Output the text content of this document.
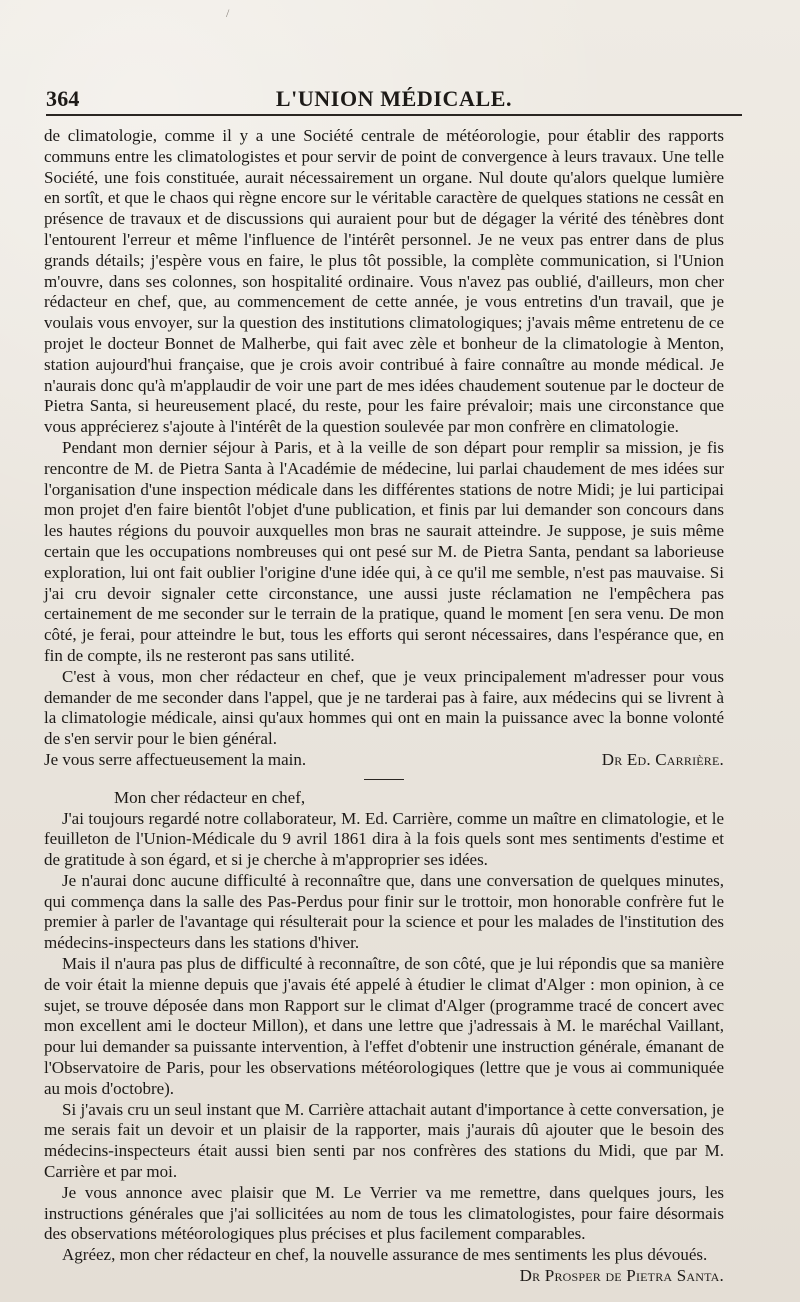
/
364	L'UNION MÉDICALE.

de climatologie, comme il y a une Société centrale de météorologie, pour établir des rapports communs entre les climatologistes et pour servir de point de convergence à leurs travaux. Une telle Société, une fois constituée, aurait nécessairement un organe. Nul doute qu'alors quelque lumière en sortît, et que le chaos qui règne encore sur le véritable caractère de quelques stations ne cessât en présence de travaux et de discussions qui auraient pour but de dégager la vérité des ténèbres dont l'entourent l'erreur et même l'influence de l'intérêt personnel. Je ne veux pas entrer dans de plus grands détails; j'espère vous en faire, le plus tôt possible, la complète communication, si l'Union m'ouvre, dans ses colonnes, son hospitalité ordinaire. Vous n'avez pas oublié, d'ailleurs, mon cher rédacteur en chef, que, au commencement de cette année, je vous entretins d'un travail, que je voulais vous envoyer, sur la question des institutions climatologiques; j'avais même entretenu de ce projet le docteur Bonnet de Malherbe, qui fait avec zèle et bonheur de la climatologie à Menton, station aujourd'hui française, que je crois avoir contribué à faire connaître au monde médical. Je n'aurais donc qu'à m'applaudir de voir une part de mes idées chaudement soutenue par le docteur de Pietra Santa, si heureusement placé, du reste, pour les faire prévaloir; mais une circonstance que vous apprécierez s'ajoute à l'intérêt de la question soulevée par mon confrère en climatologie.

Pendant mon dernier séjour à Paris, et à la veille de son départ pour remplir sa mission, je fis rencontre de M. de Pietra Santa à l'Académie de médecine, lui parlai chaudement de mes idées sur l'organisation d'une inspection médicale dans les différentes stations de notre Midi; je lui participai mon projet d'en faire bientôt l'objet d'une publication, et finis par lui demander son concours dans les hautes régions du pouvoir auxquelles mon bras ne saurait atteindre. Je suppose, je suis même certain que les occupations nombreuses qui ont pesé sur M. de Pietra Santa, pendant sa laborieuse exploration, lui ont fait oublier l'origine d'une idée qui, à ce qu'il me semble, n'est pas mauvaise. Si j'ai cru devoir signaler cette circonstance, une aussi juste réclamation ne l'empêchera pas certainement de me seconder sur le terrain de la pratique, quand le moment [en sera venu. De mon côté, je ferai, pour atteindre le but, tous les efforts qui seront nécessaires, dans l'espérance que, en fin de compte, ils ne resteront pas sans utilité.

C'est à vous, mon cher rédacteur en chef, que je veux principalement m'adresser pour vous demander de me seconder dans l'appel, que je ne tarderai pas à faire, aux médecins qui se livrent à la climatologie médicale, ainsi qu'aux hommes qui ont en main la puissance avec la bonne volonté de s'en servir pour le bien général.

Je vous serre affectueusement la main.	Dr Ed. Carrière.

Mon cher rédacteur en chef,

J'ai toujours regardé notre collaborateur, M. Ed. Carrière, comme un maître en climatologie, et le feuilleton de l'Union-Médicale du 9 avril 1861 dira à la fois quels sont mes sentiments d'estime et de gratitude à son égard, et si je cherche à m'approprier ses idées.

Je n'aurai donc aucune difficulté à reconnaître que, dans une conversation de quelques minutes, qui commença dans la salle des Pas-Perdus pour finir sur le trottoir, mon honorable confrère fut le premier à parler de l'avantage qui résulterait pour la science et pour les malades de l'institution des médecins-inspecteurs dans les stations d'hiver.

Mais il n'aura pas plus de difficulté à reconnaître, de son côté, que je lui répondis que sa manière de voir était la mienne depuis que j'avais été appelé à étudier le climat d'Alger : mon opinion, à ce sujet, se trouve déposée dans mon Rapport sur le climat d'Alger (programme tracé de concert avec mon excellent ami le docteur Millon), et dans une lettre que j'adressais à M. le maréchal Vaillant, pour lui demander sa puissante intervention, à l'effet d'obtenir une instruction générale, émanant de l'Observatoire de Paris, pour les observations météorologiques (lettre que je vous ai communiquée au mois d'octobre).

Si j'avais cru un seul instant que M. Carrière attachait autant d'importance à cette conversation, je me serais fait un devoir et un plaisir de la rapporter, mais j'aurais dû ajouter que le besoin des médecins-inspecteurs était aussi bien senti par nos confrères des stations du Midi, que par M. Carrière et par moi.

Je vous annonce avec plaisir que M. Le Verrier va me remettre, dans quelques jours, les instructions générales que j'ai sollicitées au nom de tous les climatologistes, pour faire désormais des observations météorologiques plus précises et plus facilement comparables.

Agréez, mon cher rédacteur en chef, la nouvelle assurance de mes sentiments les plus dévoués.

Dr Prosper de Pietra Santa.
